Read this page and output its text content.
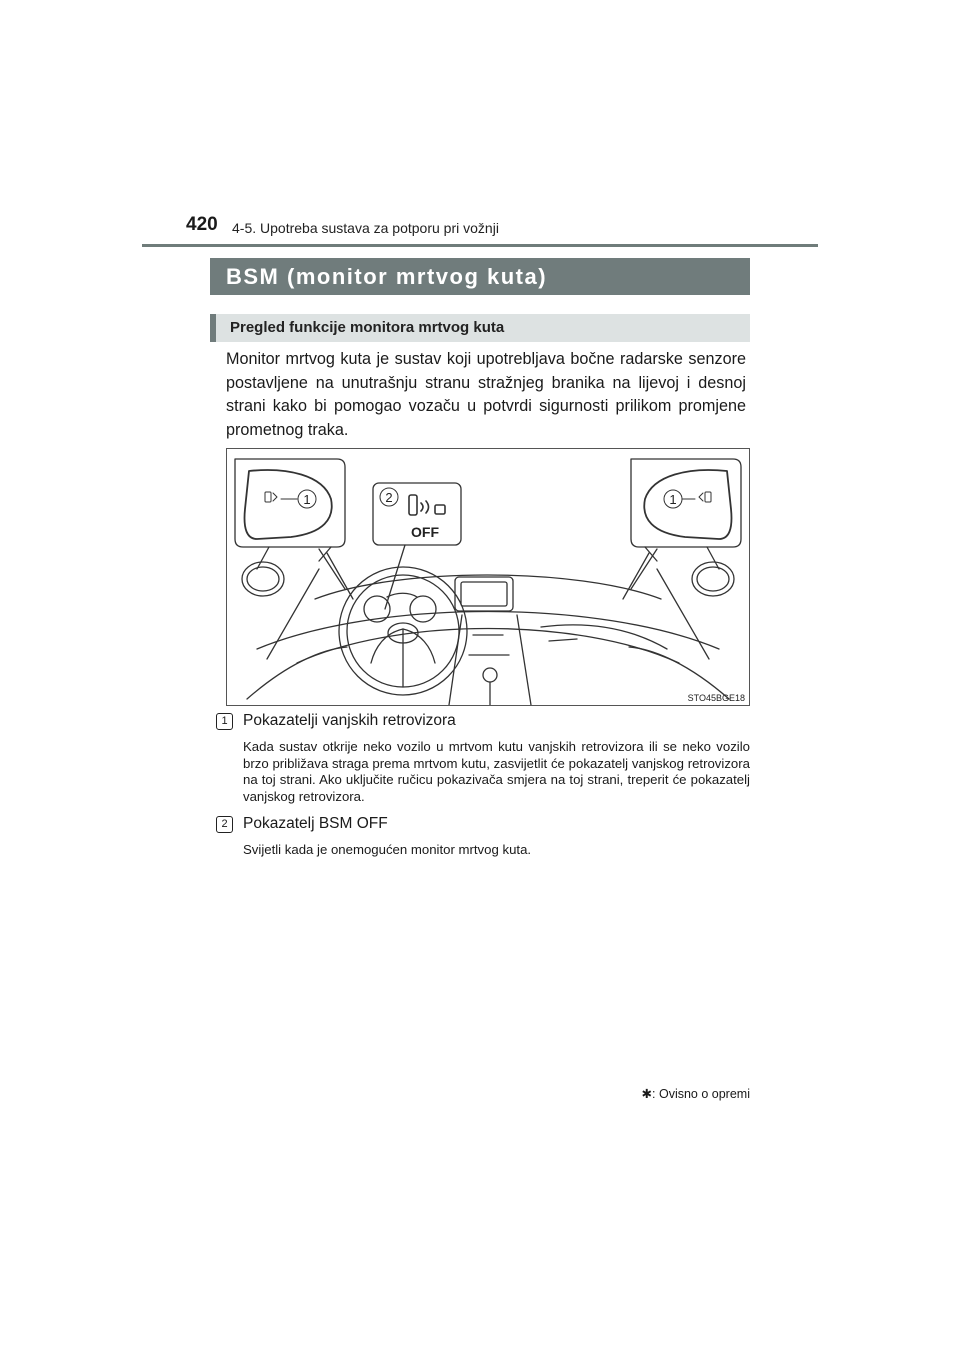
420 4-5. Upotreba sustava za potporu pri vožnji
BSM (monitor mrtvog kuta)
Pregled funkcije monitora mrtvog kuta

Monitor mrtvog kuta je sustav koji upotrebljava bočne radarske senzore postavljene na unutrašnju stranu stražnjeg branika na lijevoj i desnoj strani kako bi pomogao vozaču u potvrdi sigurnosti prilikom promjene prometnog traka.

1	2	1
OFF
STO45BGE18
1 Pokazatelji vanjskih retrovizora

Kada sustav otkrije neko vozilo u mrtvom kutu vanjskih retrovizora ili se neko vozilo brzo približava straga prema mrtvom kutu, zasvijetlit će pokazatelj vanjskog retrovizora na toj strani. Ako uključite ručicu pokazivača smjera na toj strani, treperit će pokazatelj vanjskog retrovizora.

2 Pokazatelj BSM OFF

Svijetli kada je onemogućen monitor mrtvog kuta.

✱: Ovisno o opremi
